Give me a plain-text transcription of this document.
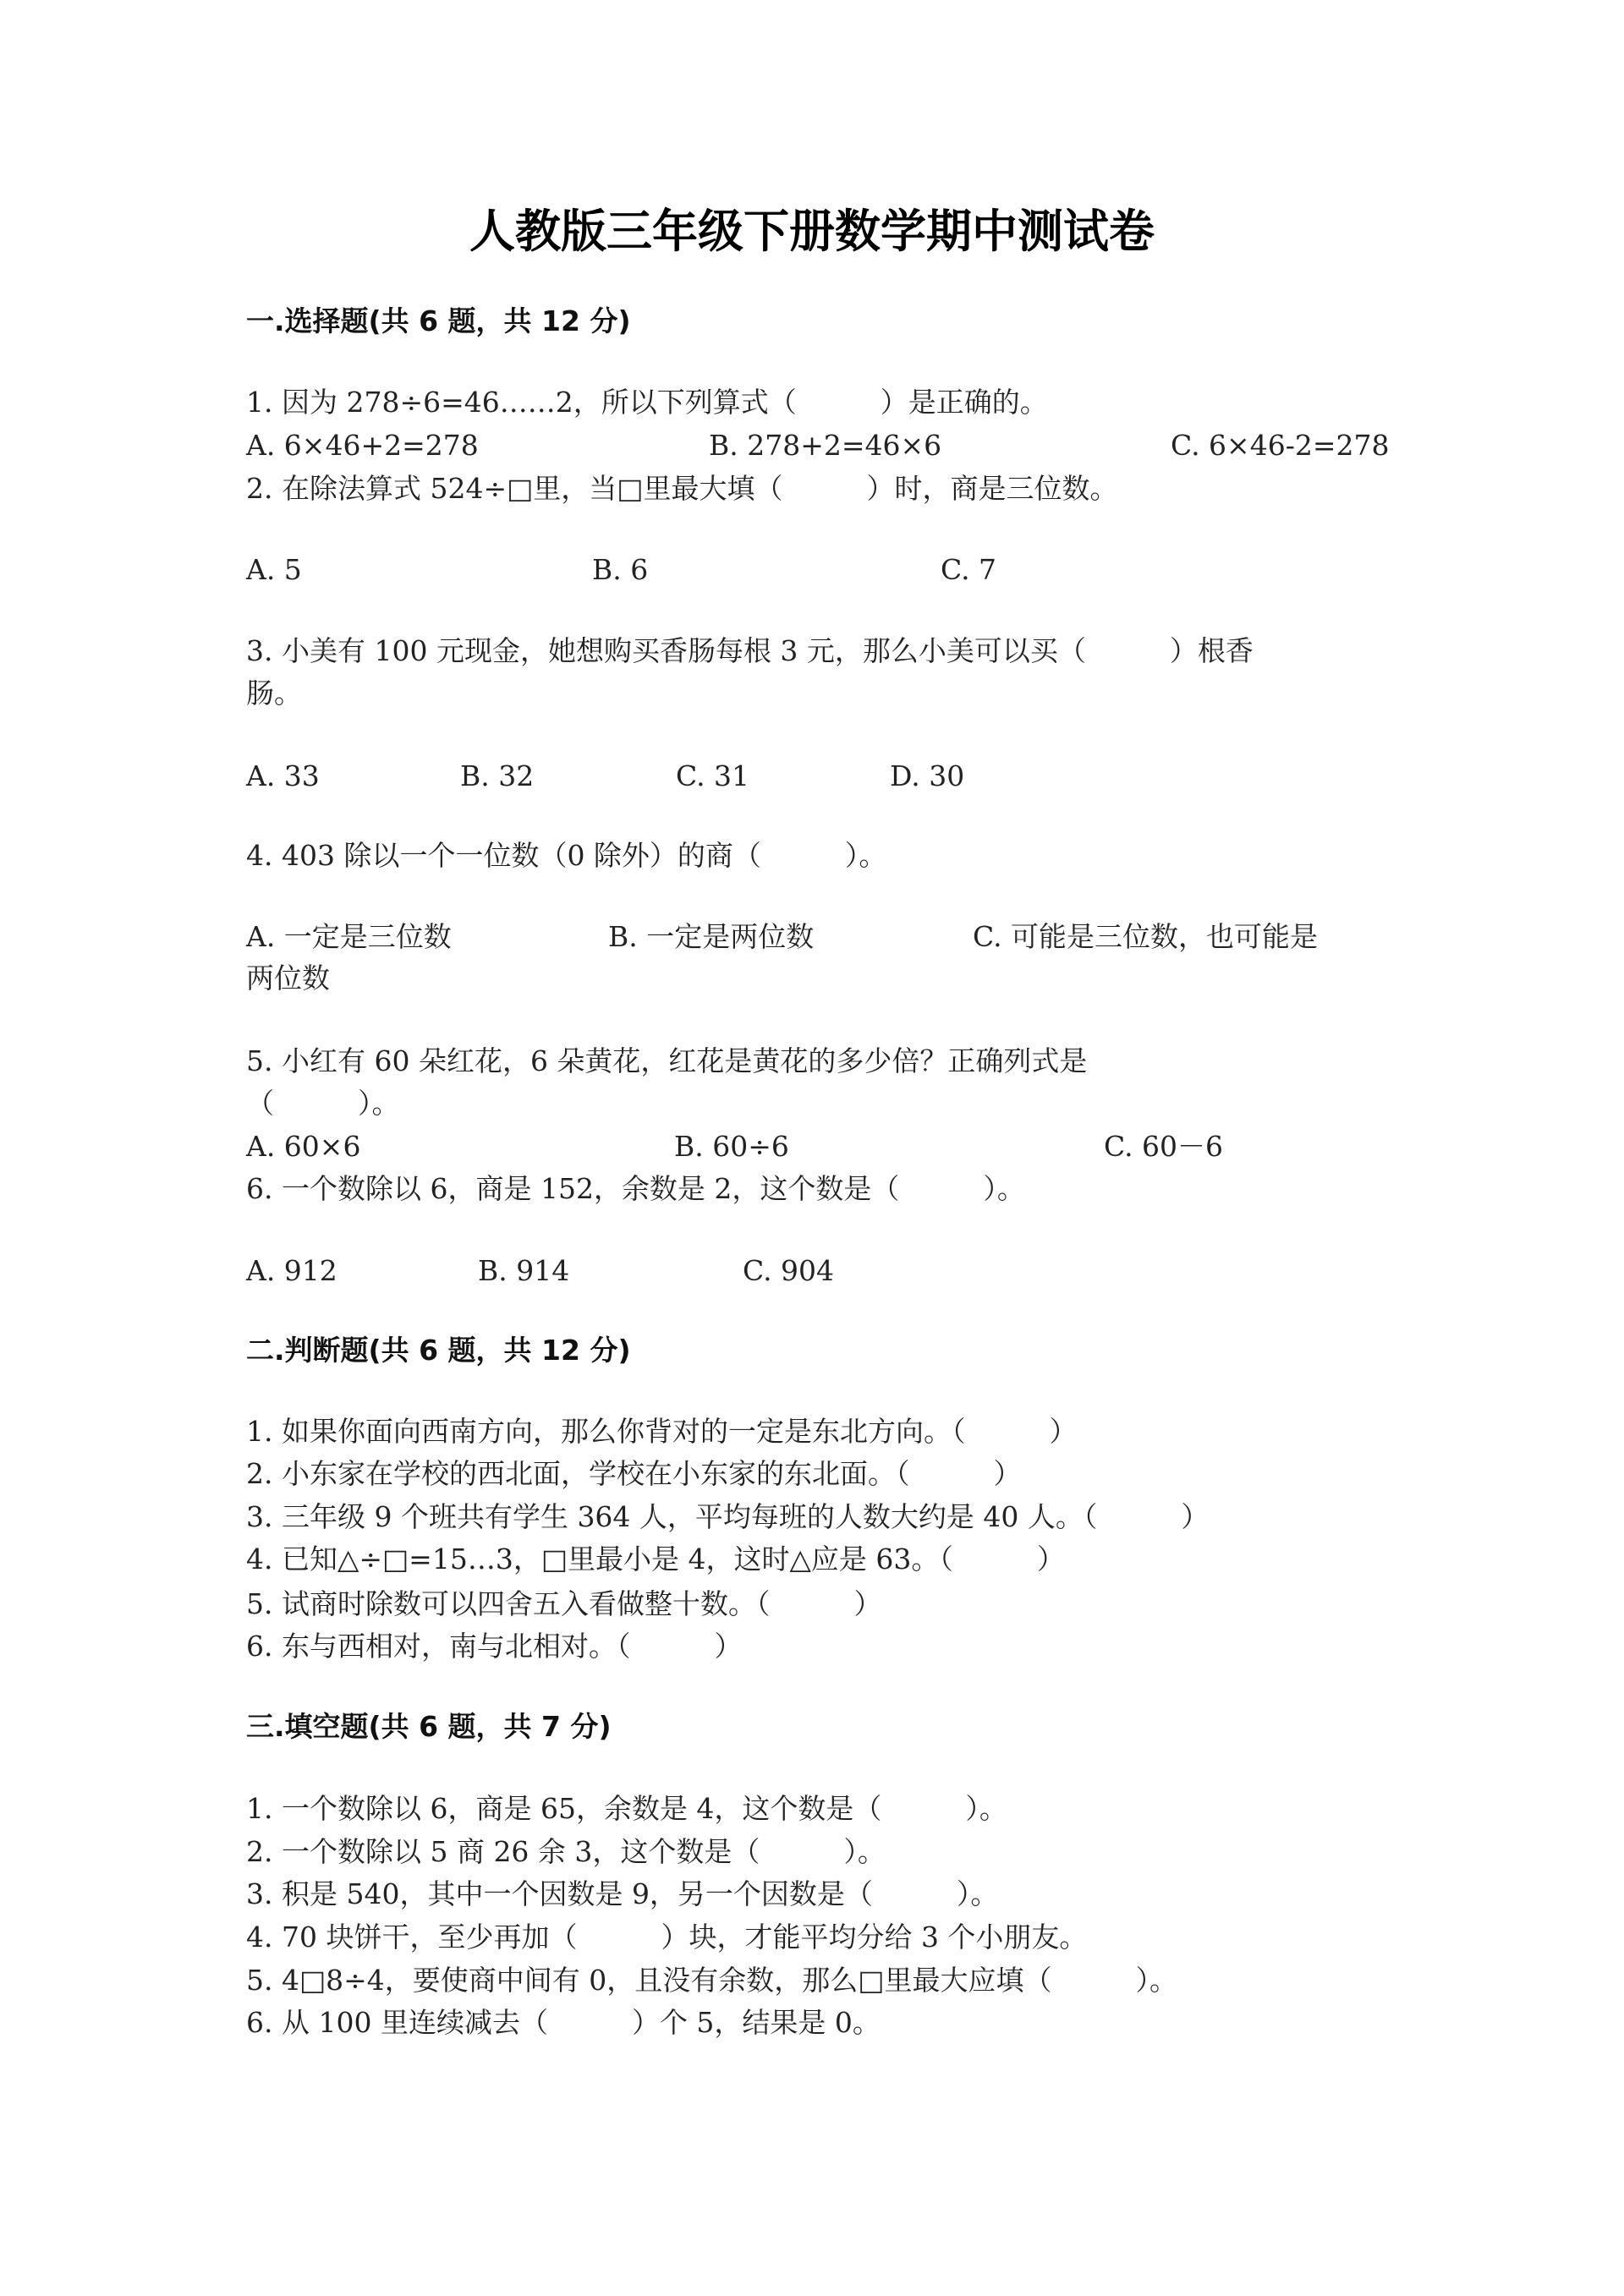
人教版三年级下册数学期中测试卷
一.选择题(共 6 题，共 12 分)
1. 因为 278÷6=46……2，所以下列算式（　　　）是正确的。
A. 6×46+2=278	B. 278+2=46×6	C. 6×46-2=278
2. 在除法算式 524÷□里，当□里最大填（　　　）时，商是三位数。
A. 5	B. 6	C. 7
3. 小美有 100 元现金，她想购买香肠每根 3 元，那么小美可以买（　　　）根香
肠。
A. 33	B. 32	C. 31	D. 30
4. 403 除以一个一位数（0 除外）的商（　　　）。
A. 一定是三位数	B. 一定是两位数	C. 可能是三位数，也可能是
两位数
5. 小红有 60 朵红花，6 朵黄花，红花是黄花的多少倍？正确列式是
（　　　）。
A. 60×6	B. 60÷6	C. 60－6
6. 一个数除以 6，商是 152，余数是 2，这个数是（　　　）。
A. 912	B. 914	C. 904
二.判断题(共 6 题，共 12 分)
1. 如果你面向西南方向，那么你背对的一定是东北方向。（　　　）
2. 小东家在学校的西北面，学校在小东家的东北面。（　　　）
3. 三年级 9 个班共有学生 364 人，平均每班的人数大约是 40 人。（　　　）
4. 已知△÷□=15…3，□里最小是 4，这时△应是 63。（　　　）
5. 试商时除数可以四舍五入看做整十数。（　　　）
6. 东与西相对，南与北相对。（　　　）
三.填空题(共 6 题，共 7 分)
1. 一个数除以 6，商是 65，余数是 4，这个数是（　　　）。
2. 一个数除以 5 商 26 余 3，这个数是（　　　）。
3. 积是 540，其中一个因数是 9，另一个因数是（　　　）。
4. 70 块饼干，至少再加（　　　）块，才能平均分给 3 个小朋友。
5. 4□8÷4，要使商中间有 0，且没有余数，那么□里最大应填（　　　）。
6. 从 100 里连续减去（　　　）个 5，结果是 0。
